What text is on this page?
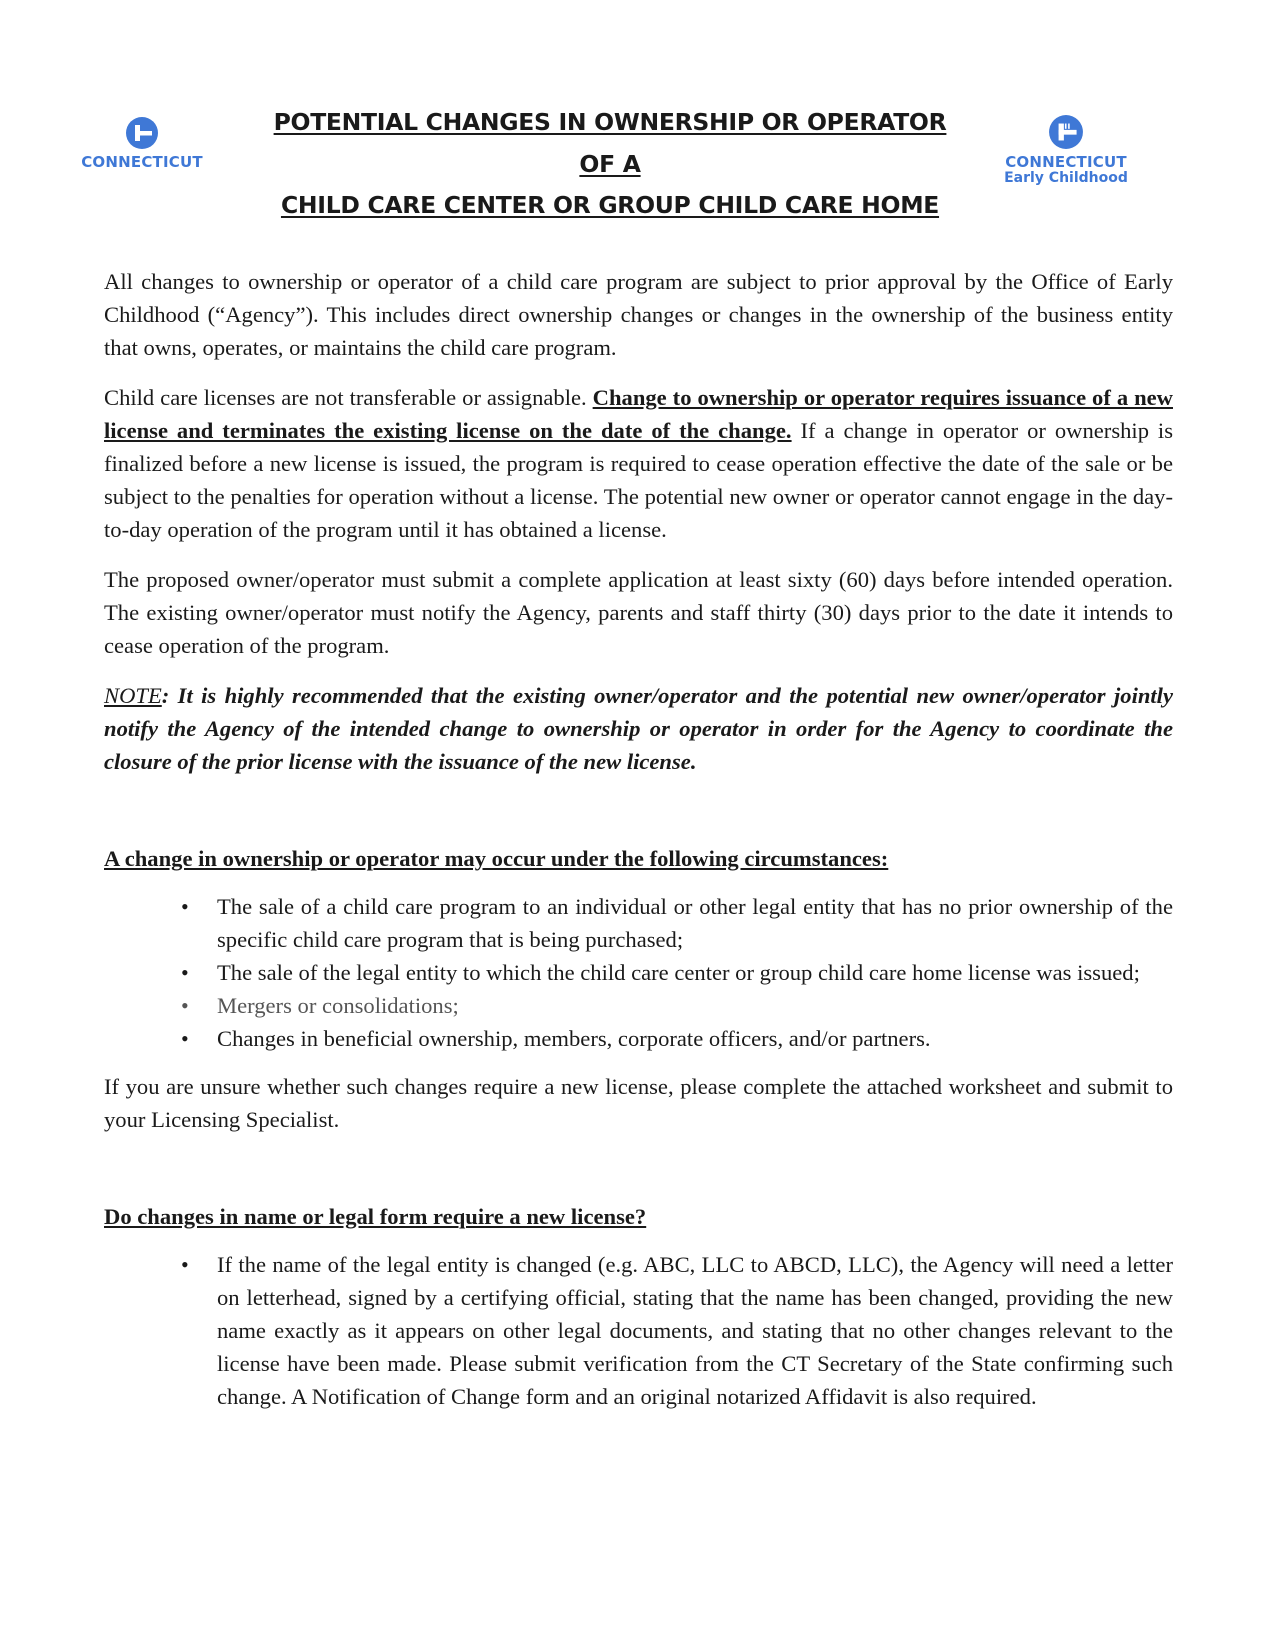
CONNECTICUT
POTENTIAL CHANGES IN OWNERSHIP OR OPERATOR
OF A
CHILD CARE CENTER OR GROUP CHILD CARE HOME
CONNECTICUT
Early Childhood

All changes to ownership or operator of a child care program are subject to prior approval by the Office of Early Childhood (“Agency”). This includes direct ownership changes or changes in the ownership of the business entity that owns, operates, or maintains the child care program.

Child care licenses are not transferable or assignable. Change to ownership or operator requires issuance of a new license and terminates the existing license on the date of the change. If a change in operator or ownership is finalized before a new license is issued, the program is required to cease operation effective the date of the sale or be subject to the penalties for operation without a license. The potential new owner or operator cannot engage in the day-to-day operation of the program until it has obtained a license.

The proposed owner/operator must submit a complete application at least sixty (60) days before intended operation. The existing owner/operator must notify the Agency, parents and staff thirty (30) days prior to the date it intends to cease operation of the program.

NOTE: It is highly recommended that the existing owner/operator and the potential new owner/operator jointly notify the Agency of the intended change to ownership or operator in order for the Agency to coordinate the closure of the prior license with the issuance of the new license.

A change in ownership or operator may occur under the following circumstances:

• The sale of a child care program to an individual or other legal entity that has no prior ownership of the specific child care program that is being purchased;
• The sale of the legal entity to which the child care center or group child care home license was issued;
• Mergers or consolidations;
• Changes in beneficial ownership, members, corporate officers, and/or partners.

If you are unsure whether such changes require a new license, please complete the attached worksheet and submit to your Licensing Specialist.

Do changes in name or legal form require a new license?

• If the name of the legal entity is changed (e.g. ABC, LLC to ABCD, LLC), the Agency will need a letter on letterhead, signed by a certifying official, stating that the name has been changed, providing the new name exactly as it appears on other legal documents, and stating that no other changes relevant to the license have been made. Please submit verification from the CT Secretary of the State confirming such change. A Notification of Change form and an original notarized Affidavit is also required.
